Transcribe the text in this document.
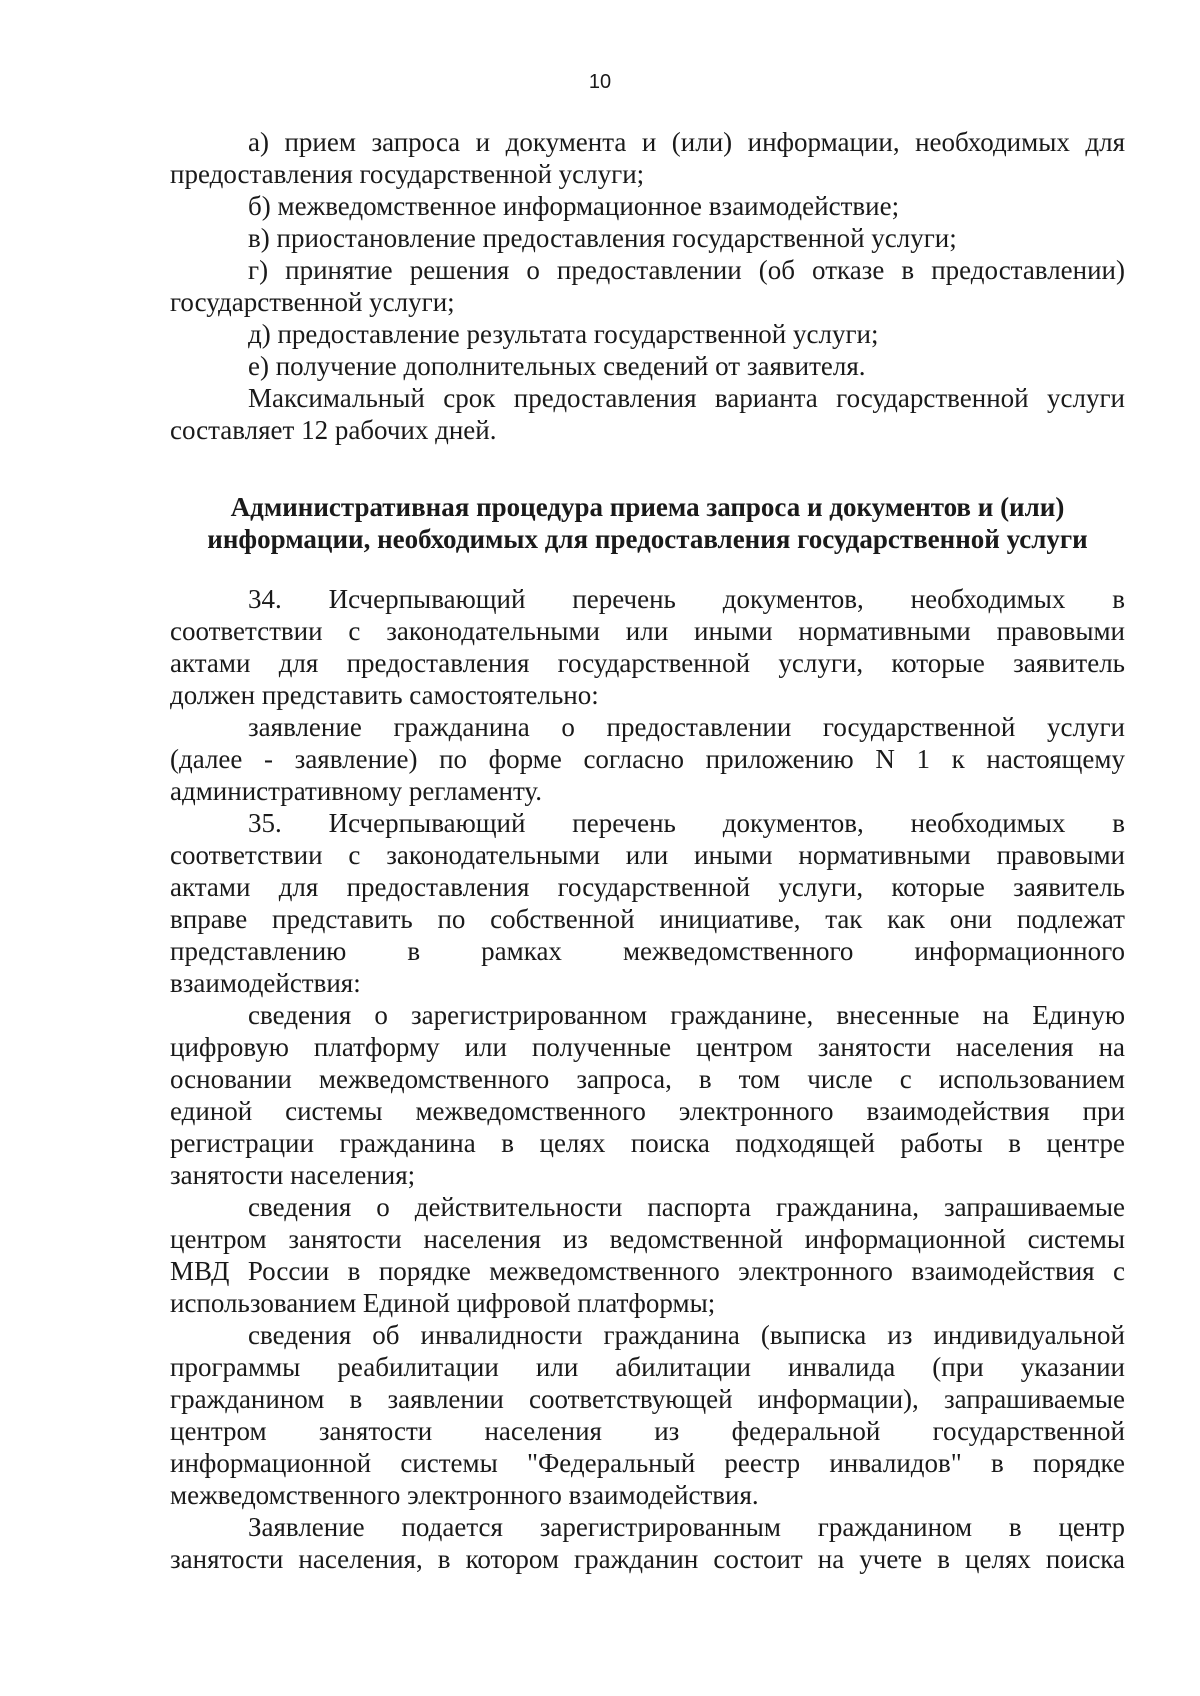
10
а) прием запроса и документа и (или) информации, необходимых для
предоставления государственной услуги;
б) межведомственное информационное взаимодействие;
в) приостановление предоставления государственной услуги;
г) принятие решения о предоставлении (об отказе в предоставлении)
государственной услуги;
д) предоставление результата государственной услуги;
е) получение дополнительных сведений от заявителя.
Максимальный срок предоставления варианта государственной услуги
составляет 12 рабочих дней.
Административная процедура приема запроса и документов и (или)
информации, необходимых для предоставления государственной услуги
34. Исчерпывающий перечень документов, необходимых в
соответствии с законодательными или иными нормативными правовыми
актами для предоставления государственной услуги, которые заявитель
должен представить самостоятельно:
заявление гражданина о предоставлении государственной услуги
(далее - заявление) по форме согласно приложению N 1 к настоящему
административному регламенту.
35. Исчерпывающий перечень документов, необходимых в
соответствии с законодательными или иными нормативными правовыми
актами для предоставления государственной услуги, которые заявитель
вправе представить по собственной инициативе, так как они подлежат
представлению в рамках межведомственного информационного
взаимодействия:
сведения о зарегистрированном гражданине, внесенные на Единую
цифровую платформу или полученные центром занятости населения на
основании межведомственного запроса, в том числе с использованием
единой системы межведомственного электронного взаимодействия при
регистрации гражданина в целях поиска подходящей работы в центре
занятости населения;
сведения о действительности паспорта гражданина, запрашиваемые
центром занятости населения из ведомственной информационной системы
МВД России в порядке межведомственного электронного взаимодействия с
использованием Единой цифровой платформы;
сведения об инвалидности гражданина (выписка из индивидуальной
программы реабилитации или абилитации инвалида (при указании
гражданином в заявлении соответствующей информации), запрашиваемые
центром занятости населения из федеральной государственной
информационной системы "Федеральный реестр инвалидов" в порядке
межведомственного электронного взаимодействия.
Заявление подается зарегистрированным гражданином в центр
занятости населения, в котором гражданин состоит на учете в целях поиска
